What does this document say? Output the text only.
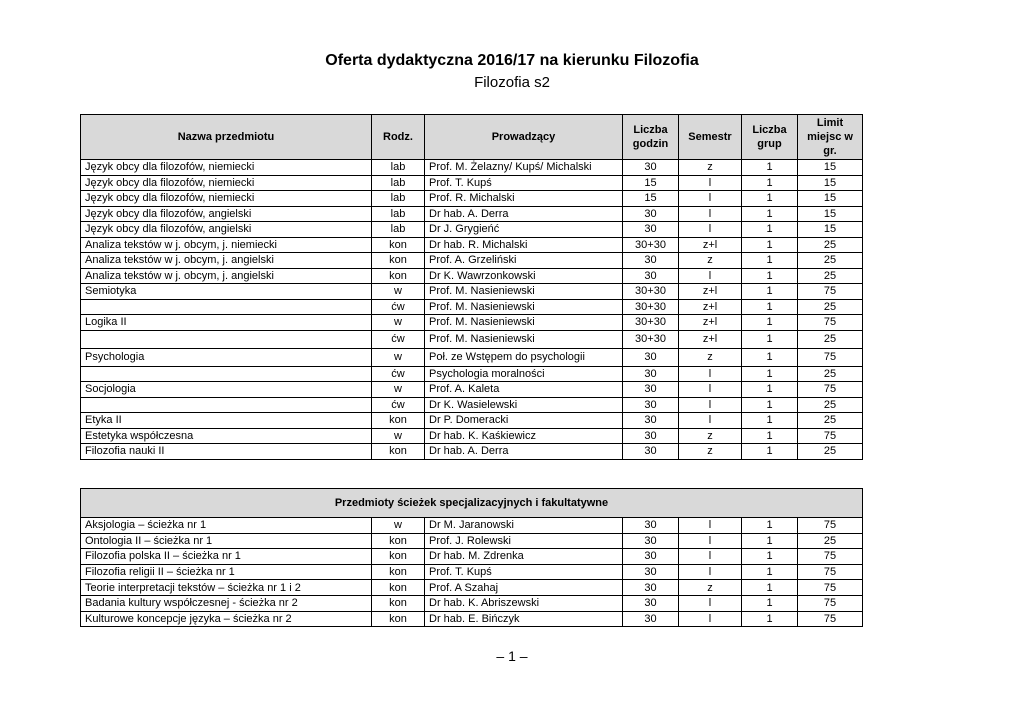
Oferta dydaktyczna 2016/17 na kierunku Filozofia
Filozofia s2
Nazwa przedmiotu	Rodz.	Prowadzący	Liczba godzin	Semestr	Liczba grup	Limit miejsc w gr.
Język obcy dla filozofów, niemiecki	lab	Prof. M. Żelazny/ Kupś/ Michalski	30	z	1	15
Język obcy dla filozofów, niemiecki	lab	Prof. T. Kupś	15	l	1	15
Język obcy dla filozofów, niemiecki	lab	Prof. R. Michalski	15	l	1	15
Język obcy dla filozofów, angielski	lab	Dr hab. A. Derra	30	l	1	15
Język obcy dla filozofów, angielski	lab	Dr J. Grygieńć	30	l	1	15
Analiza tekstów w j. obcym, j. niemiecki	kon	Dr hab. R. Michalski	30+30	z+l	1	25
Analiza tekstów w j. obcym, j. angielski	kon	Prof. A. Grzeliński	30	z	1	25
Analiza tekstów w j. obcym, j. angielski	kon	Dr K. Wawrzonkowski	30	l	1	25
Semiotyka	w	Prof. M. Nasieniewski	30+30	z+l	1	75
	ćw	Prof. M. Nasieniewski	30+30	z+l	1	25
Logika II	w	Prof. M. Nasieniewski	30+30	z+l	1	75
	ćw	Prof. M. Nasieniewski	30+30	z+l	1	25
Psychologia	w	Poł. ze Wstępem do psychologii	30	z	1	75
	ćw	Psychologia moralności	30	l	1	25
Socjologia	w	Prof. A. Kaleta	30	l	1	75
	ćw	Dr K. Wasielewski	30	l	1	25
Etyka II	kon	Dr P. Domeracki	30	l	1	25
Estetyka współczesna	w	Dr hab. K. Kaśkiewicz	30	z	1	75
Filozofia nauki II	kon	Dr hab. A. Derra	30	z	1	25
Przedmioty ścieżek specjalizacyjnych i fakultatywne						
Aksjologia – ścieżka nr 1	w	Dr M. Jaranowski	30	l	1	75
Ontologia II – ścieżka nr 1	kon	Prof. J. Rolewski	30	l	1	25
Filozofia polska II – ścieżka nr 1	kon	Dr hab. M. Zdrenka	30	l	1	75
Filozofia religii II – ścieżka nr 1	kon	Prof. T. Kupś	30	l	1	75
Teorie interpretacji tekstów – ścieżka nr 1 i 2	kon	Prof. A Szahaj	30	z	1	75
Badania kultury współczesnej - ścieżka nr 2	kon	Dr hab. K. Abriszewski	30	l	1	75
Kulturowe koncepcje języka – ścieżka nr 2	kon	Dr hab. E. Bińczyk	30	l	1	75
– 1 –
